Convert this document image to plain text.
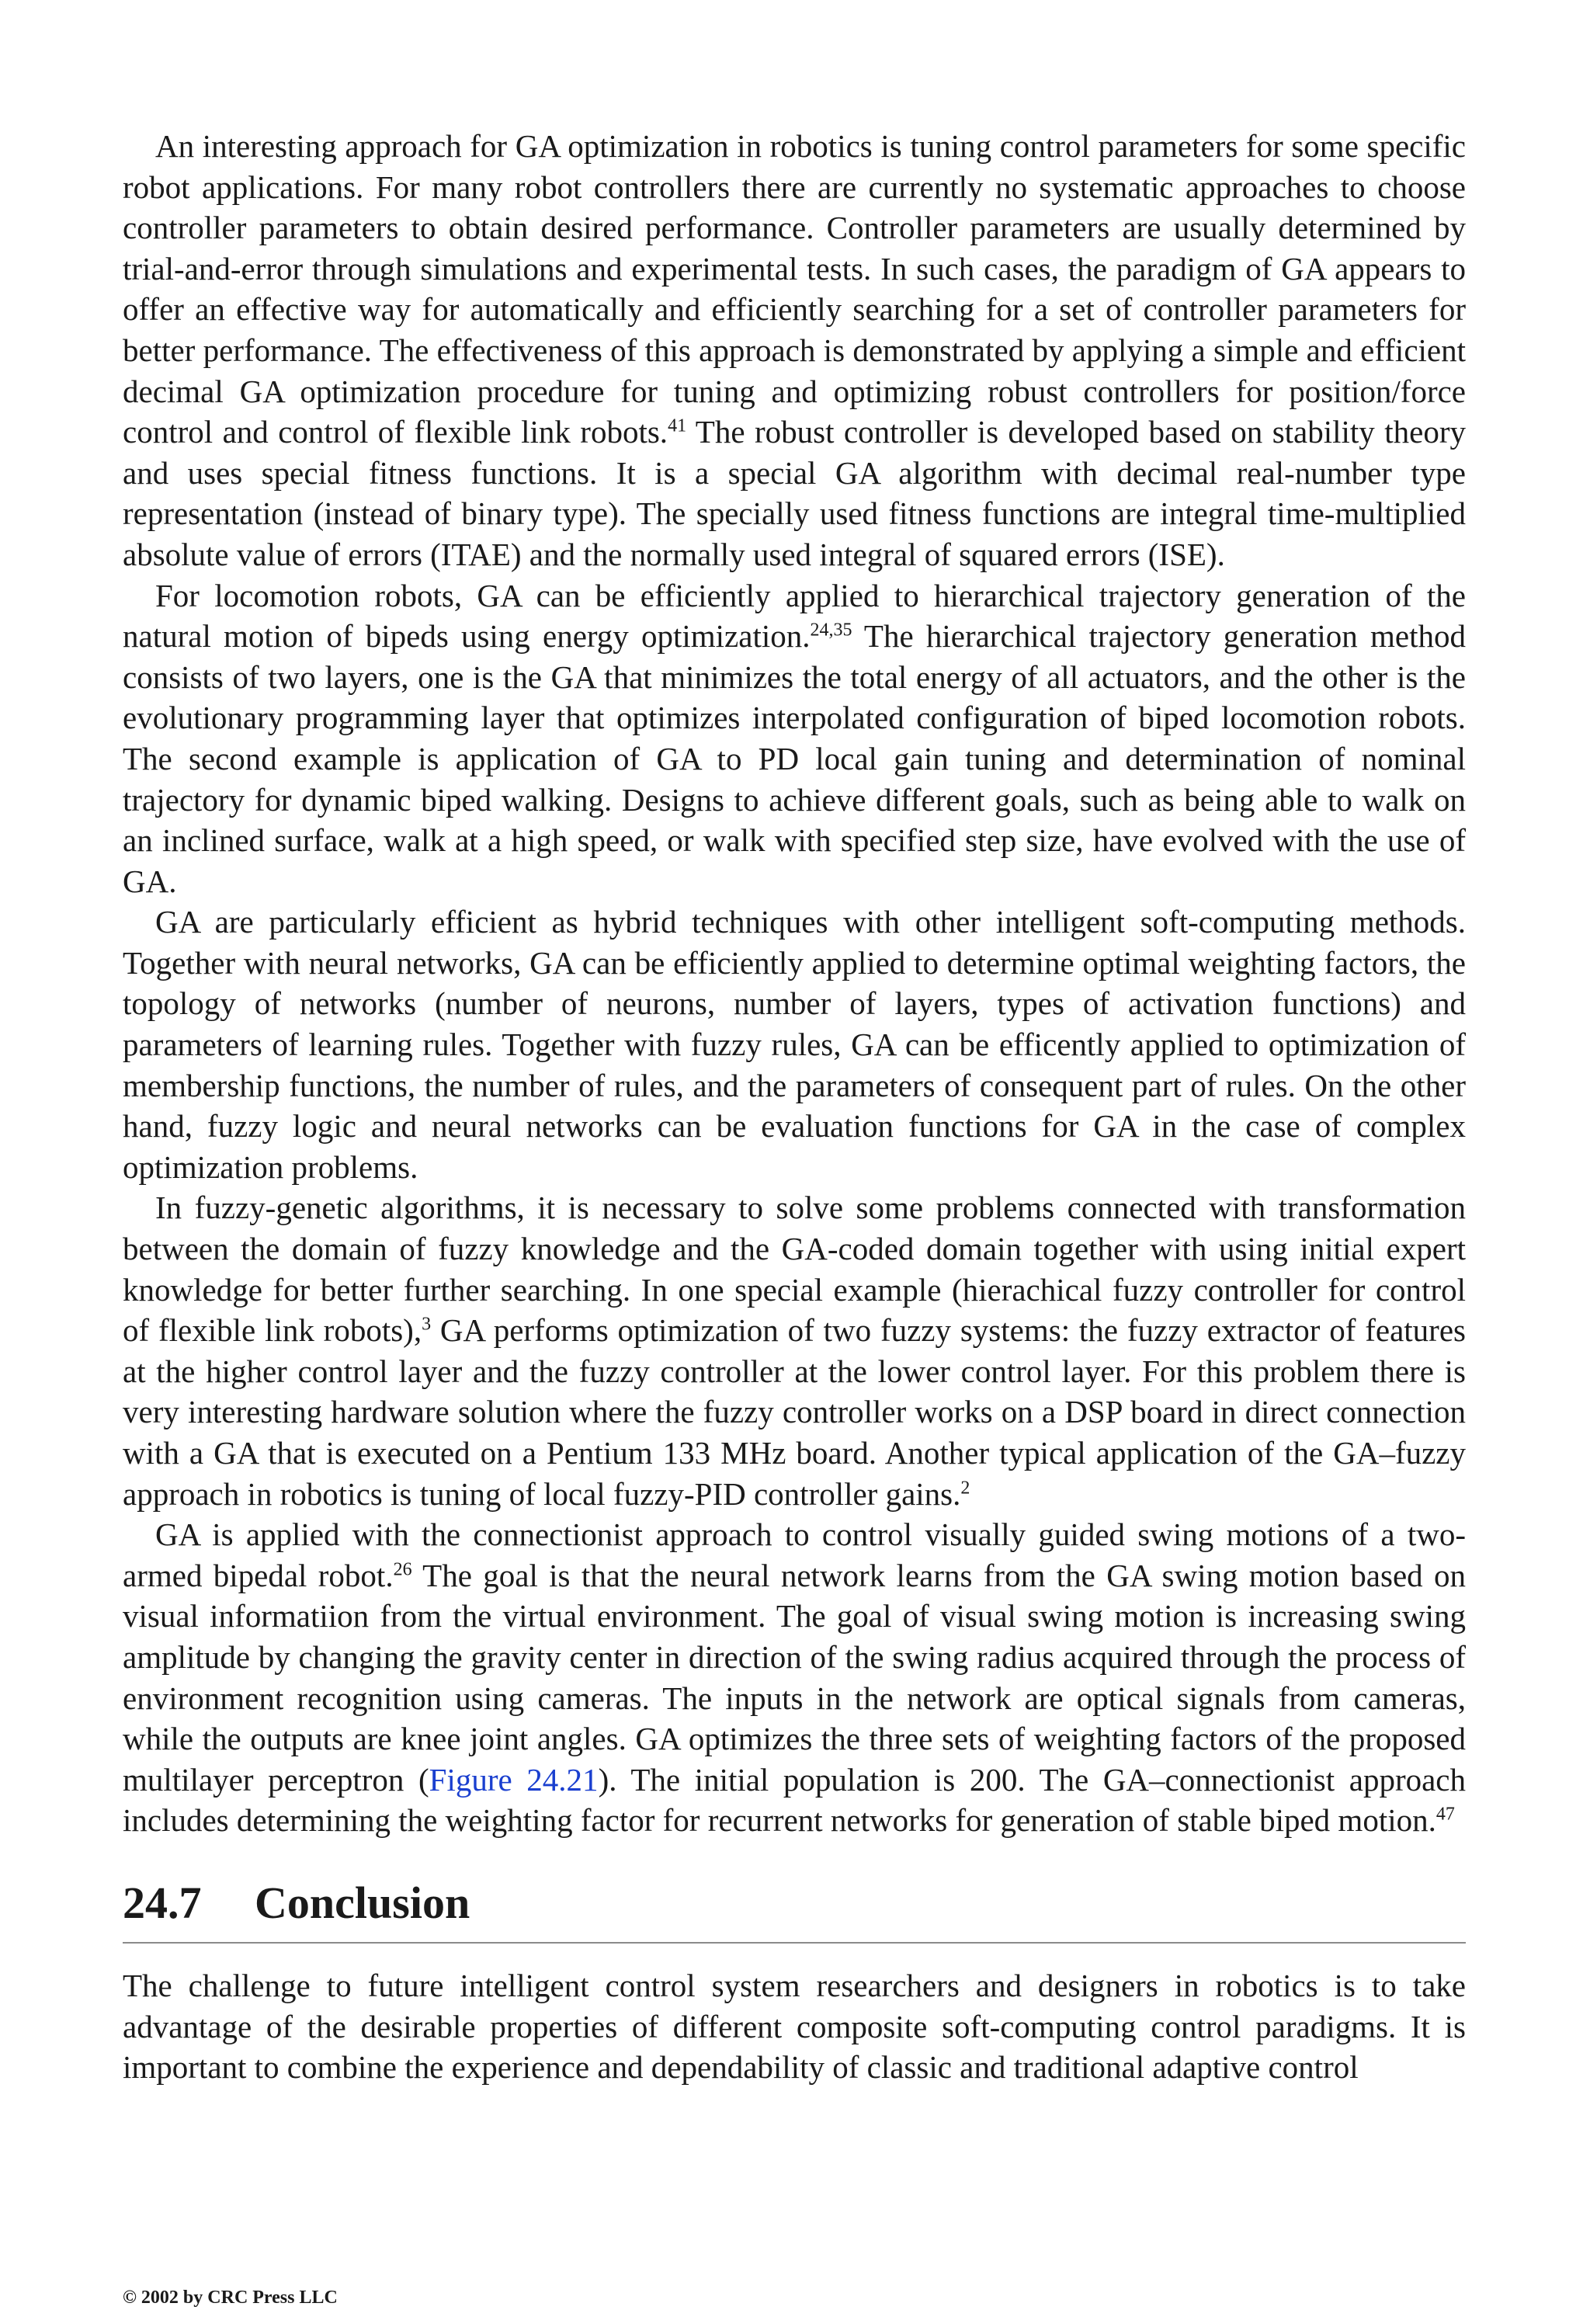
An interesting approach for GA optimization in robotics is tuning control parameters for some specific robot applications. For many robot controllers there are currently no systematic approaches to choose controller parameters to obtain desired performance. Controller parameters are usually determined by trial-and-error through simulations and experimental tests. In such cases, the paradigm of GA appears to offer an effective way for automatically and efficiently searching for a set of controller parameters for better performance. The effectiveness of this approach is demonstrated by applying a simple and efficient decimal GA optimization procedure for tuning and optimizing robust controllers for position/force control and control of flexible link robots.$^{41}$ The robust controller is developed based on stability theory and uses special fitness functions. It is a special GA algorithm with decimal real-number type representation (instead of binary type). The specially used fitness functions are integral time-multiplied absolute value of errors (ITAE) and the normally used integral of squared errors (ISE).

For locomotion robots, GA can be efficiently applied to hierarchical trajectory generation of the natural motion of bipeds using energy optimization.$^{24,35}$ The hierarchical trajectory generation method consists of two layers, one is the GA that minimizes the total energy of all actuators, and the other is the evolutionary programming layer that optimizes interpolated configuration of biped locomotion robots. The second example is application of GA to PD local gain tuning and determination of nominal trajectory for dynamic biped walking. Designs to achieve different goals, such as being able to walk on an inclined surface, walk at a high speed, or walk with specified step size, have evolved with the use of GA.

GA are particularly efficient as hybrid techniques with other intelligent soft-computing methods. Together with neural networks, GA can be efficiently applied to determine optimal weighting factors, the topology of networks (number of neurons, number of layers, types of activation functions) and parameters of learning rules. Together with fuzzy rules, GA can be efficently applied to optimization of membership functions, the number of rules, and the parameters of consequent part of rules. On the other hand, fuzzy logic and neural networks can be evaluation functions for GA in the case of complex optimization problems.

In fuzzy-genetic algorithms, it is necessary to solve some problems connected with transformation between the domain of fuzzy knowledge and the GA-coded domain together with using initial expert knowledge for better further searching. In one special example (hierachical fuzzy controller for control of flexible link robots),$^3$ GA performs optimization of two fuzzy systems: the fuzzy extractor of features at the higher control layer and the fuzzy controller at the lower control layer. For this problem there is very interesting hardware solution where the fuzzy controller works on a DSP board in direct connection with a GA that is executed on a Pentium 133 MHz board. Another typical application of the GA–fuzzy approach in robotics is tuning of local fuzzy-PID controller gains.$^2$

GA is applied with the connectionist approach to control visually guided swing motions of a two-armed bipedal robot.$^{26}$ The goal is that the neural network learns from the GA swing motion based on visual informatiion from the virtual environment. The goal of visual swing motion is increasing swing amplitude by changing the gravity center in direction of the swing radius acquired through the process of environment recognition using cameras. The inputs in the network are optical signals from cameras, while the outputs are knee joint angles. GA optimizes the three sets of weighting factors of the proposed multilayer perceptron (Figure 24.21). The initial population is 200. The GA–connectionist approach includes determining the weighting factor for recurrent networks for generation of stable biped motion.$^{47}$

24.7	Conclusion

The challenge to future intelligent control system researchers and designers in robotics is to take advantage of the desirable properties of different composite soft-computing control paradigms. It is important to combine the experience and dependability of classic and traditional adaptive control

© 2002 by CRC Press LLC
